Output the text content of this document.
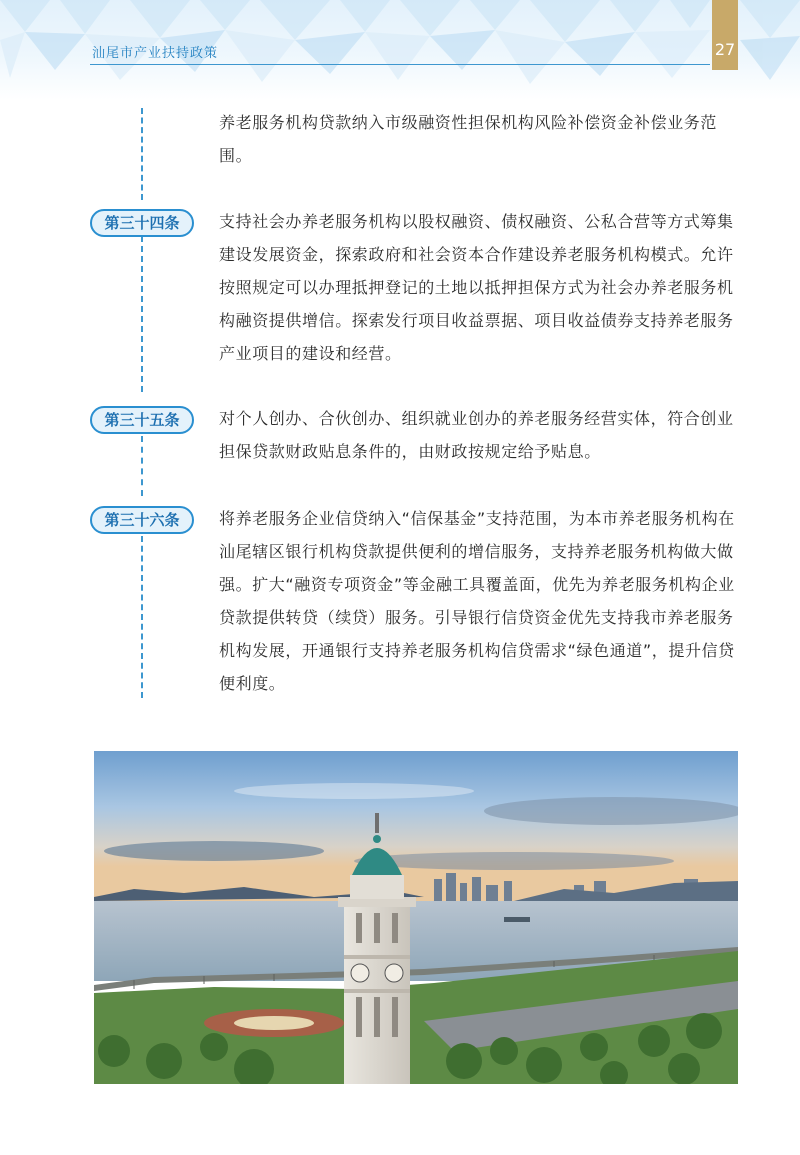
汕尾市产业扶持政策	27
养老服务机构贷款纳入市级融资性担保机构风险补偿资金补偿业务范围。
第三十四条	支持社会办养老服务机构以股权融资、债权融资、公私合营等方式筹集建设发展资金，探索政府和社会资本合作建设养老服务机构模式。允许按照规定可以办理抵押登记的土地以抵押担保方式为社会办养老服务机构融资提供增信。探索发行项目收益票据、项目收益债券支持养老服务产业项目的建设和经营。
第三十五条	对个人创办、合伙创办、组织就业创办的养老服务经营实体，符合创业担保贷款财政贴息条件的，由财政按规定给予贴息。
第三十六条	将养老服务企业信贷纳入“信保基金”支持范围，为本市养老服务机构在汕尾辖区银行机构贷款提供便利的增信服务，支持养老服务机构做大做强。扩大“融资专项资金”等金融工具覆盖面，优先为养老服务机构企业贷款提供转贷（续贷）服务。引导银行信贷资金优先支持我市养老服务机构发展，开通银行支持养老服务机构信贷需求“绿色通道”，提升信贷便利度。
